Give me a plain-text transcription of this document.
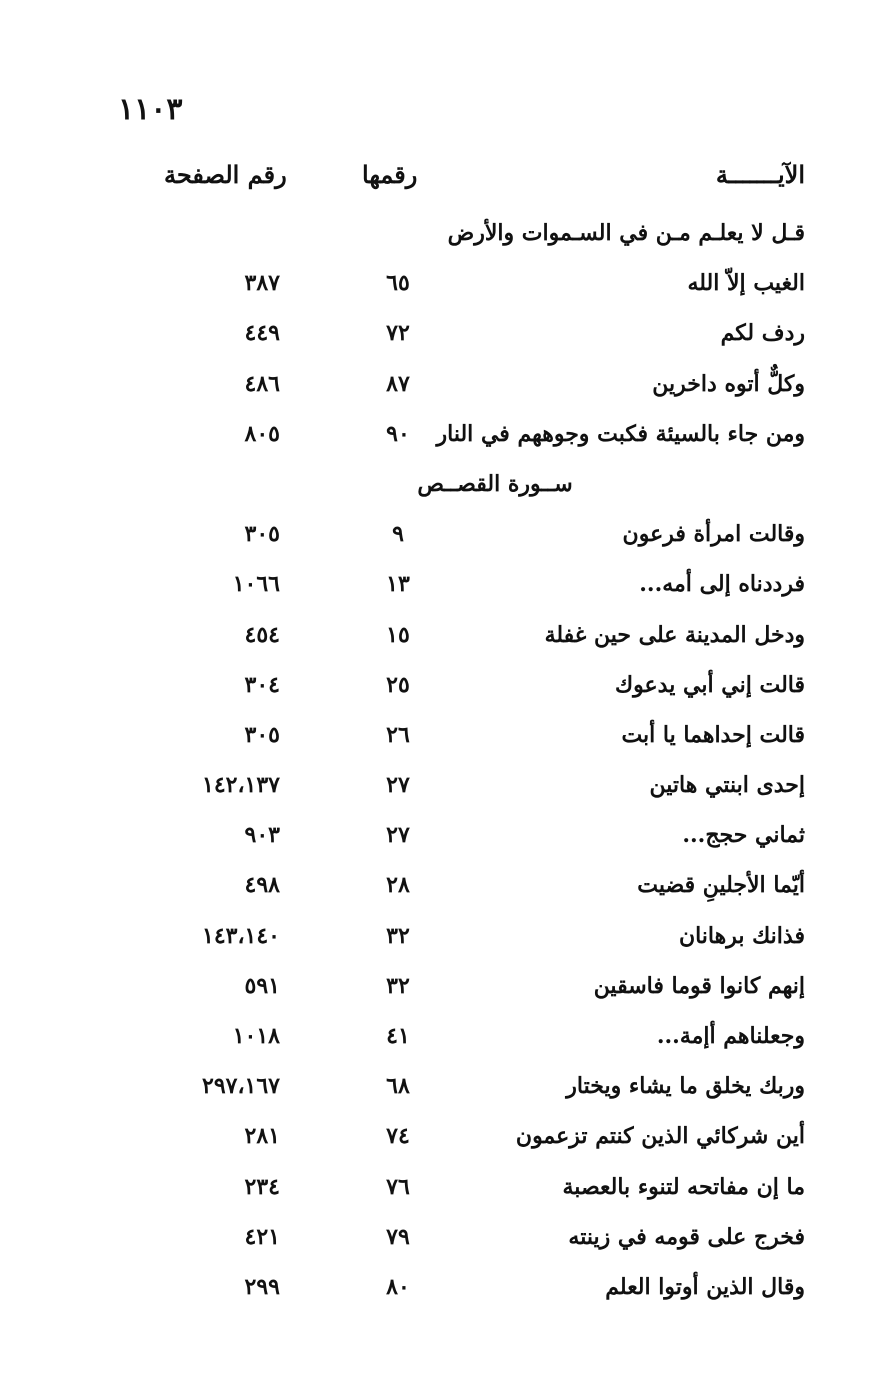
١١٠٣
الآيـــــــة
رقمها
رقم الصفحة
قـل لا يعلـم مـن في السـموات والأرض
الغيب إلاّ الله
٦٥
٣٨٧
ردف لكم
٧٢
٤٤٩
وكلٌّ أتوه داخرين
٨٧
٤٨٦
ومن جاء بالسيئة فكبت وجوههم في النار
٩٠
٨٠٥
ســورة القصــص
وقالت امرأة فرعون
٩
٣٠٥
فرددناه إلى أمه...
١٣
١٠٦٦
ودخل المدينة على حين غفلة
١٥
٤٥٤
قالت إني أبي يدعوك
٢٥
٣٠٤
قالت إحداهما يا أبت
٢٦
٣٠٥
إحدى ابنتي هاتين
٢٧
١٤٢،١٣٧
ثماني حجج...
٢٧
٩٠٣
أيّما الأجلينِ قضيت
٢٨
٤٩٨
فذانك برهانان
٣٢
١٤٣،١٤٠
إنهم كانوا قوما فاسقين
٣٢
٥٩١
وجعلناهم أإمة...
٤١
١٠١٨
وربك يخلق ما يشاء ويختار
٦٨
٢٩٧،١٦٧
أين شركائي الذين كنتم تزعمون
٧٤
٢٨١
ما إن مفاتحه لتنوء بالعصبة
٧٦
٢٣٤
فخرج على قومه في زينته
٧٩
٤٢١
وقال الذين أوتوا العلم
٨٠
٢٩٩
